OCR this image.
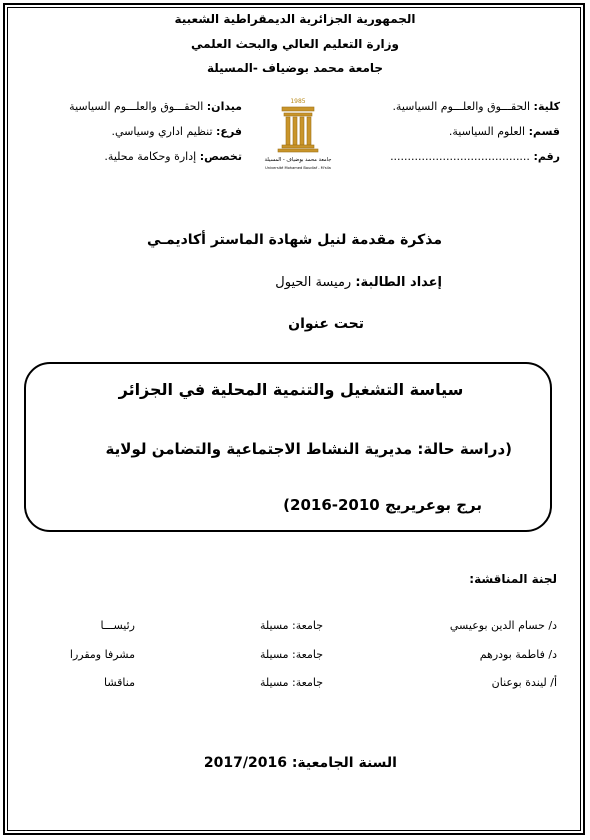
الجمهورية الجزائرية الديمقراطية الشعبية
وزارة التعليم العالي والبحث العلمي
جامعة محمد بوضياف -المسيلة
كلية: الحقـــوق والعلـــوم السياسية.
قسم: العلوم السياسية.
رقم: ........................................
ميدان: الحقـــوق والعلـــوم السياسية
فرع: تنظيم اداري وسياسي.
تخصص: إدارة وحكامة محلية.
1985
جامعة محمد بوضياف - المسيلة
Université Mohamed Boudiaf - M'sila
مذكرة مقدمة لنيل شهادة الماستر أكاديمـي
إعداد الطالبة: رميسة الحيول
تحت عنوان
سياسة التشغيل والتنمية المحلية في الجزائر
(دراسة حالة: مديرية النشاط الاجتماعية والتضامن لولاية
برج بوعريريج 2010-2016)
لجنة المناقشة:
د/ حسام الدين بوعيسي
جامعة: مسيلة
رئيســـا
د/ فاطمة بودرهم
جامعة: مسيلة
مشرفا ومقررا
أ/ ليندة بوعنان
جامعة: مسيلة
مناقشا
السنة الجامعية: 2017/2016
